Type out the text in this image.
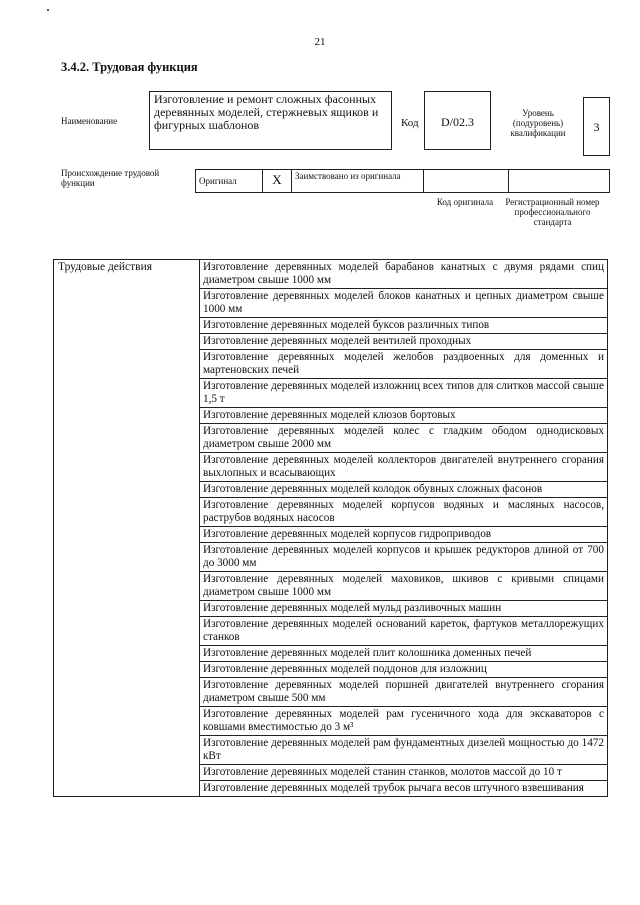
21
3.4.2. Трудовая функция
Наименование
Изготовление и ремонт сложных фасонных деревянных моделей, стержневых ящиков и фигурных шаблонов	Код	D/02.3
Уровень (подуровень) квалификации	3
Происхождение трудовой функции	Оригинал	X	Заимствовано из оригинала		
Код оригинала	Регистрационный номер профессионального стандарта
Трудовые действия	Изготовление деревянных моделей барабанов канатных с двумя рядами спиц диаметром свыше 1000 мм
Изготовление деревянных моделей блоков канатных и цепных диаметром свыше 1000 мм
Изготовление деревянных моделей буксов различных типов
Изготовление деревянных моделей вентилей проходных
Изготовление деревянных моделей желобов раздвоенных для доменных и мартеновских печей
Изготовление деревянных моделей изложниц всех типов для слитков массой свыше 1,5 т
Изготовление деревянных моделей клюзов бортовых
Изготовление деревянных моделей колес с гладким ободом однодисковых диаметром свыше 2000 мм
Изготовление деревянных моделей коллекторов двигателей внутреннего сгорания выхлопных и всасывающих
Изготовление деревянных моделей колодок обувных сложных фасонов
Изготовление деревянных моделей корпусов водяных и масляных насосов, раструбов водяных насосов
Изготовление деревянных моделей корпусов гидроприводов
Изготовление деревянных моделей корпусов и крышек редукторов длиной от 700 до 3000 мм
Изготовление деревянных моделей маховиков, шкивов с кривыми спицами диаметром свыше 1000 мм
Изготовление деревянных моделей мульд разливочных машин
Изготовление деревянных моделей оснований кареток, фартуков металлорежущих станков
Изготовление деревянных моделей плит колошника доменных печей
Изготовление деревянных моделей поддонов для изложниц
Изготовление деревянных моделей поршней двигателей внутреннего сгорания диаметром свыше 500 мм
Изготовление деревянных моделей рам гусеничного хода для экскаваторов с ковшами вместимостью до 3 м³
Изготовление деревянных моделей рам фундаментных дизелей мощностью до 1472 кВт
Изготовление деревянных моделей станин станков, молотов массой до 10 т
Изготовление деревянных моделей трубок рычага весов штучного взвешивания
